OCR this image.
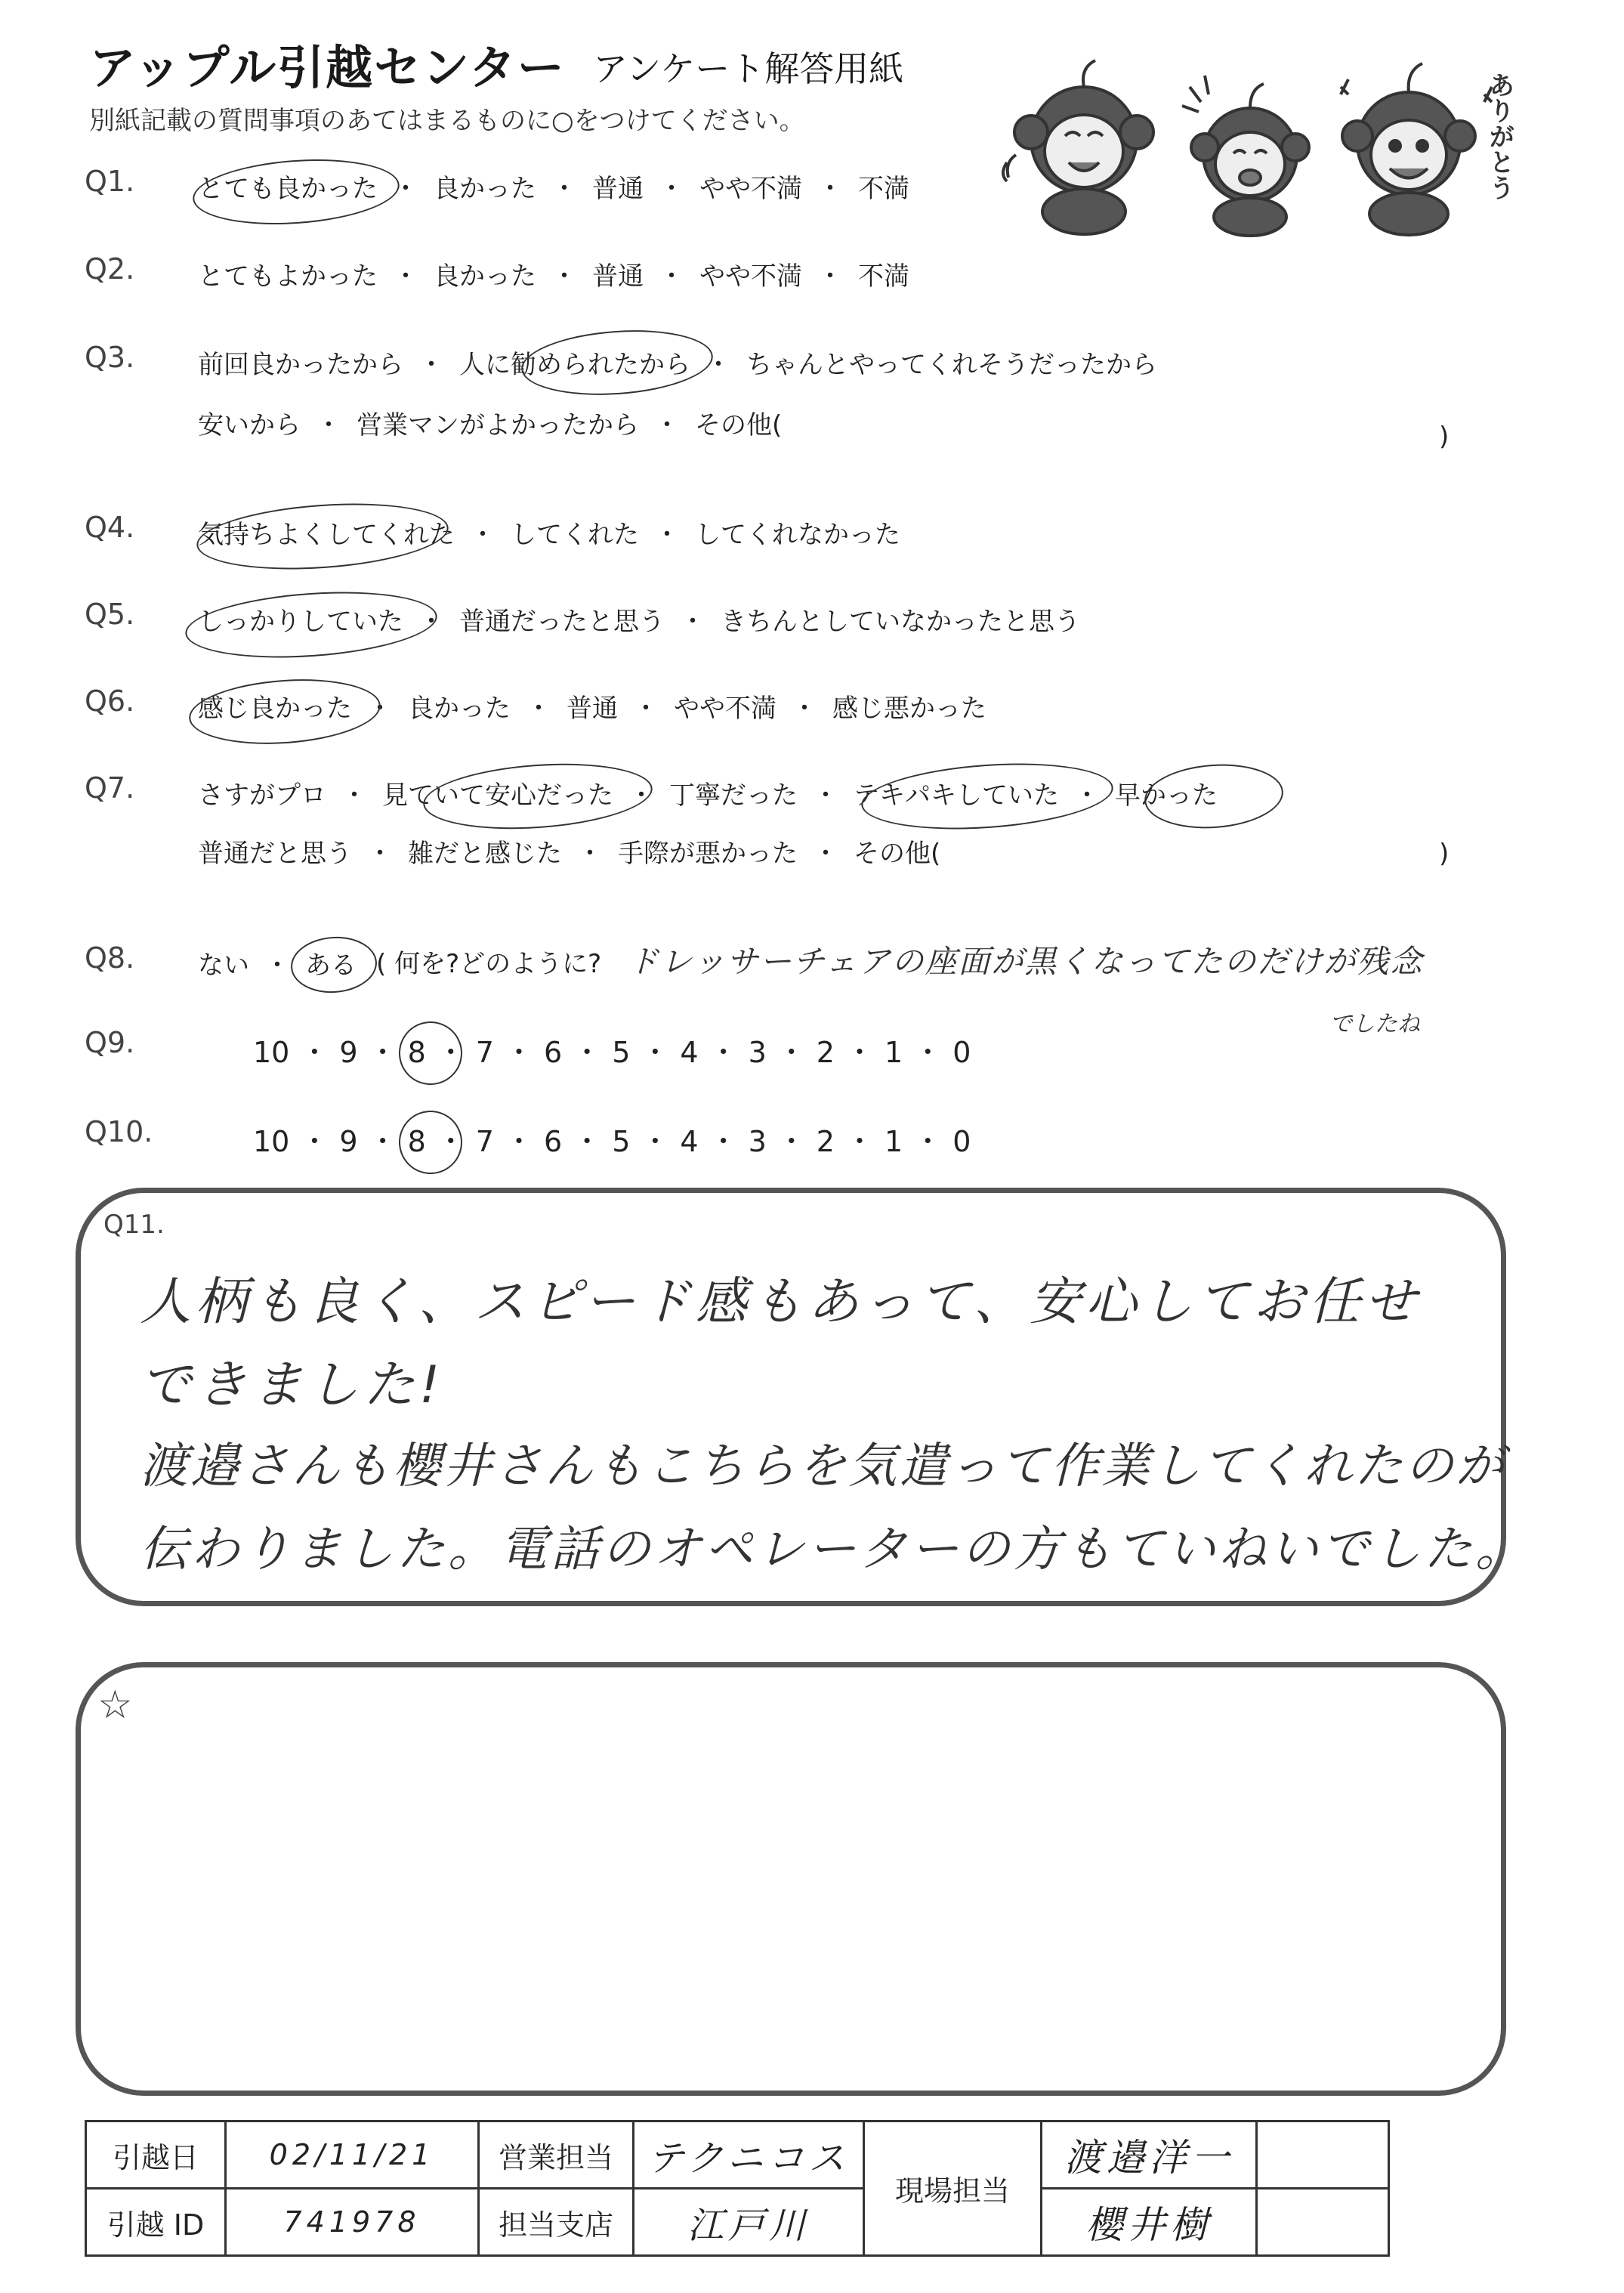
アップル引越センター アンケート解答用紙
別紙記載の質問事項のあてはまるものに○をつけてください。	ありがとう
Q1. とても良かった ・ 良かった ・ 普通 ・ やや不満 ・ 不満
Q2. とてもよかった ・ 良かった ・ 普通 ・ やや不満 ・ 不満
Q3. 前回良かったから ・ 人に勧められたから ・ ちゃんとやってくれそうだったから
安いから ・ 営業マンがよかったから ・ その他(
Q4. 気持ちよくしてくれた ・ してくれた ・ してくれなかった
Q5. しっかりしていた ・ 普通だったと思う ・ きちんとしていなかったと思う
Q6. 感じ良かった ・ 良かった ・ 普通 ・ やや不満 ・ 感じ悪かった
Q7. さすがプロ ・ 見ていて安心だった ・ 丁寧だった ・ テキパキしていた ・ 早かった
普通だと思う ・ 雑だと感じた ・ 手際が悪かった ・ その他(
Q8. ない ・ ある
Q9.	10 ・ 9 ・ 8 ・ 7 ・ 6 ・ 5 ・ 4 ・ 3 ・ 2 ・ 1 ・ 0
Q10.	10 ・ 9 ・ 8 ・ 7 ・ 6 ・ 5 ・ 4 ・ 3 ・ 2 ・ 1 ・ 0
)
)
( 何を?どのように? ドレッサーチェアの座面が黒くなってたのだけが残念
でしたね
Q11.
人柄も良く、スピード感もあって、安心してお任せ
できました!
渡邉さんも櫻井さんもこちらを気遣って作業してくれたのが
伝わりました。電話のオペレーターの方もていねいでした。
☆
引越日	02/11/21	営業担当	テクニコス	現場担当	渡邉洋一	
引越 ID	741978	担当支店	江戸川		櫻井樹	
